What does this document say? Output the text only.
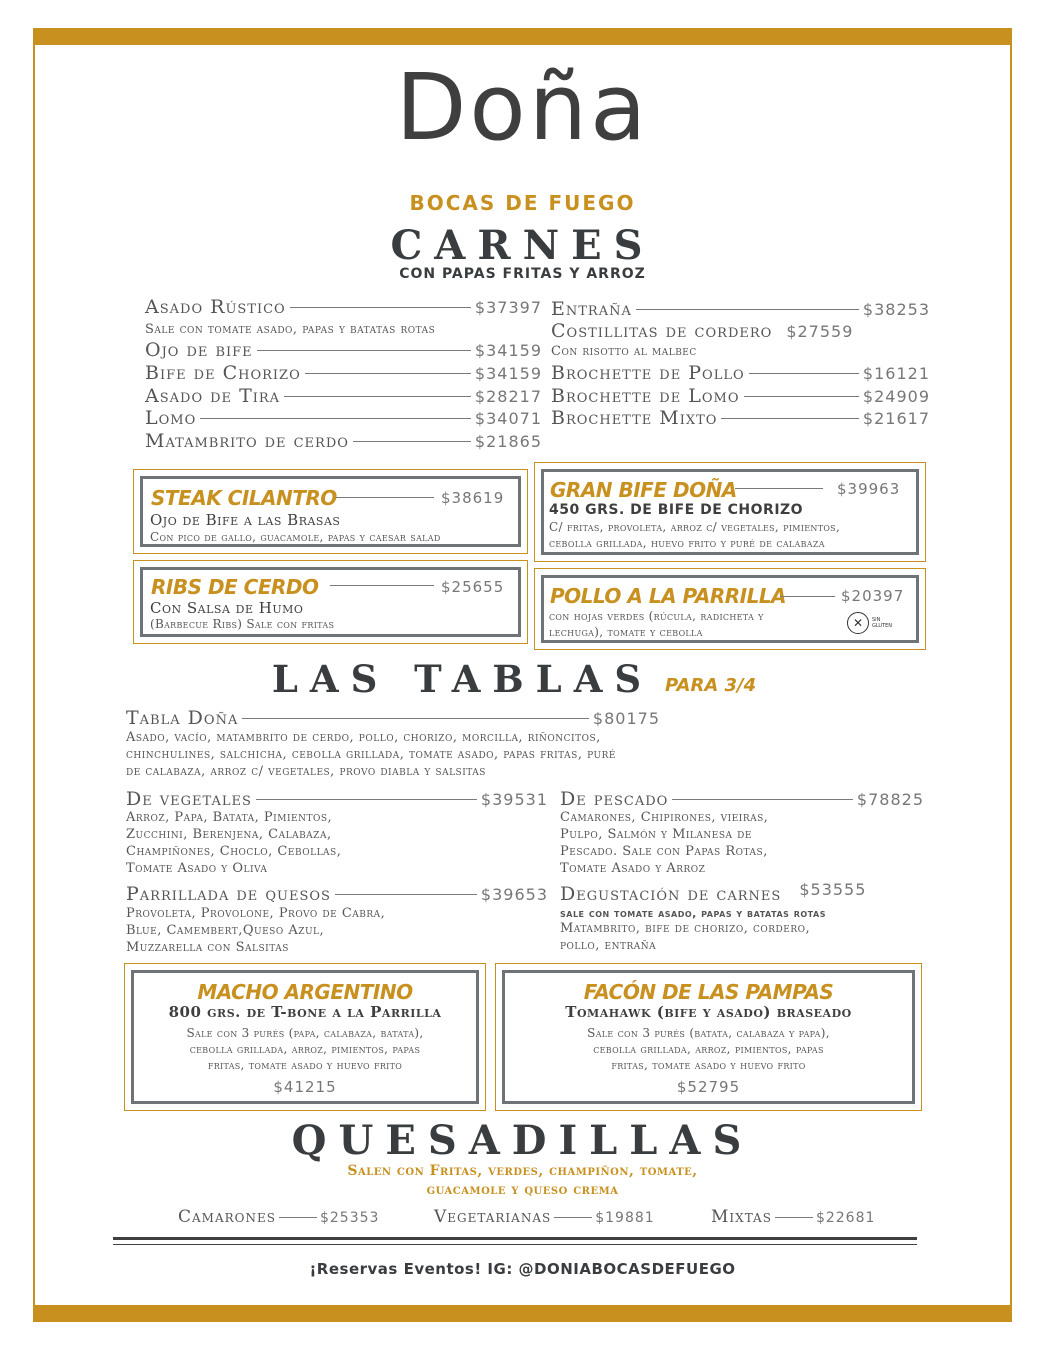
Doña
BOCAS DE FUEGO
CARNES
CON PAPAS FRITAS Y ARROZ
Asado Rústico	$37397
Sale con tomate asado, papas y batatas rotas
Ojo de bife	$34159
Bife de Chorizo	$34159
Asado de Tira	$28217
Lomo	$34071
Matambrito de cerdo	$21865
Entraña	$38253
Costillitas de cordero $27559
Con risotto al malbec
Brochette de Pollo	$16121
Brochette de Lomo	$24909
Brochette Mixto	$21617
STEAK CILANTRO	$38619
Ojo de Bife a las Brasas
Con pico de gallo, guacamole, papas y caesar salad
GRAN BIFE DOÑA	$39963
450 GRS. DE BIFE DE CHORIZO
C/ fritas, provoleta, arroz c/ vegetales, pimientos,
cebolla grillada, huevo frito y puré de calabaza
RIBS DE CERDO	$25655
Con Salsa de Humo
(Barbecue Ribs) Sale con fritas
POLLO A LA PARRILLA	$20397
con hojas verdes (rúcula, radicheta y
lechuga), tomate y cebolla
✕	SIN
GLUTEN
LAS TABLAS PARA 3/4
Tabla Doña	$80175
Asado, vacío, matambrito de cerdo, pollo, chorizo, morcilla, riñoncitos,
chinchulines, salchicha, cebolla grillada, tomate asado, papas fritas, puré
de calabaza, arroz c/ vegetales, provo diabla y salsitas
De vegetales	$39531
Arroz, Papa, Batata, Pimientos,
Zucchini, Berenjena, Calabaza,
Champiñones, Choclo, Cebollas,
Tomate Asado y Oliva
De pescado	$78825
Camarones, Chipirones, vieiras,
Pulpo, Salmón y Milanesa de
Pescado. Sale con Papas Rotas,
Tomate Asado y Arroz
Parrillada de quesos	$39653
Provoleta, Provolone, Provo de Cabra,
Blue, Camembert,Queso Azul,
Muzzarella con Salsitas
Degustación de carnes $53555
sale con tomate asado, papas y batatas rotas
Matambrito, bife de chorizo, cordero,
pollo, entraña
MACHO ARGENTINO
800 grs. de T-bone a la Parrilla
Sale con 3 purés (papa, calabaza, batata),
cebolla grillada, arroz, pimientos, papas
fritas, tomate asado y huevo frito
$41215
FACÓN DE LAS PAMPAS
Tomahawk (bife y asado) braseado
Sale con 3 purés (batata, calabaza y papa),
cebolla grillada, arroz, pimientos, papas
fritas, tomate asado y huevo frito
$52795
QUESADILLAS
Salen con Fritas, verdes, champiñon, tomate,
guacamole y queso crema
Camarones	$25353	Vegetarianas	$19881	Mixtas	$22681
¡Reservas Eventos! IG: @DONIABOCASDEFUEGO
